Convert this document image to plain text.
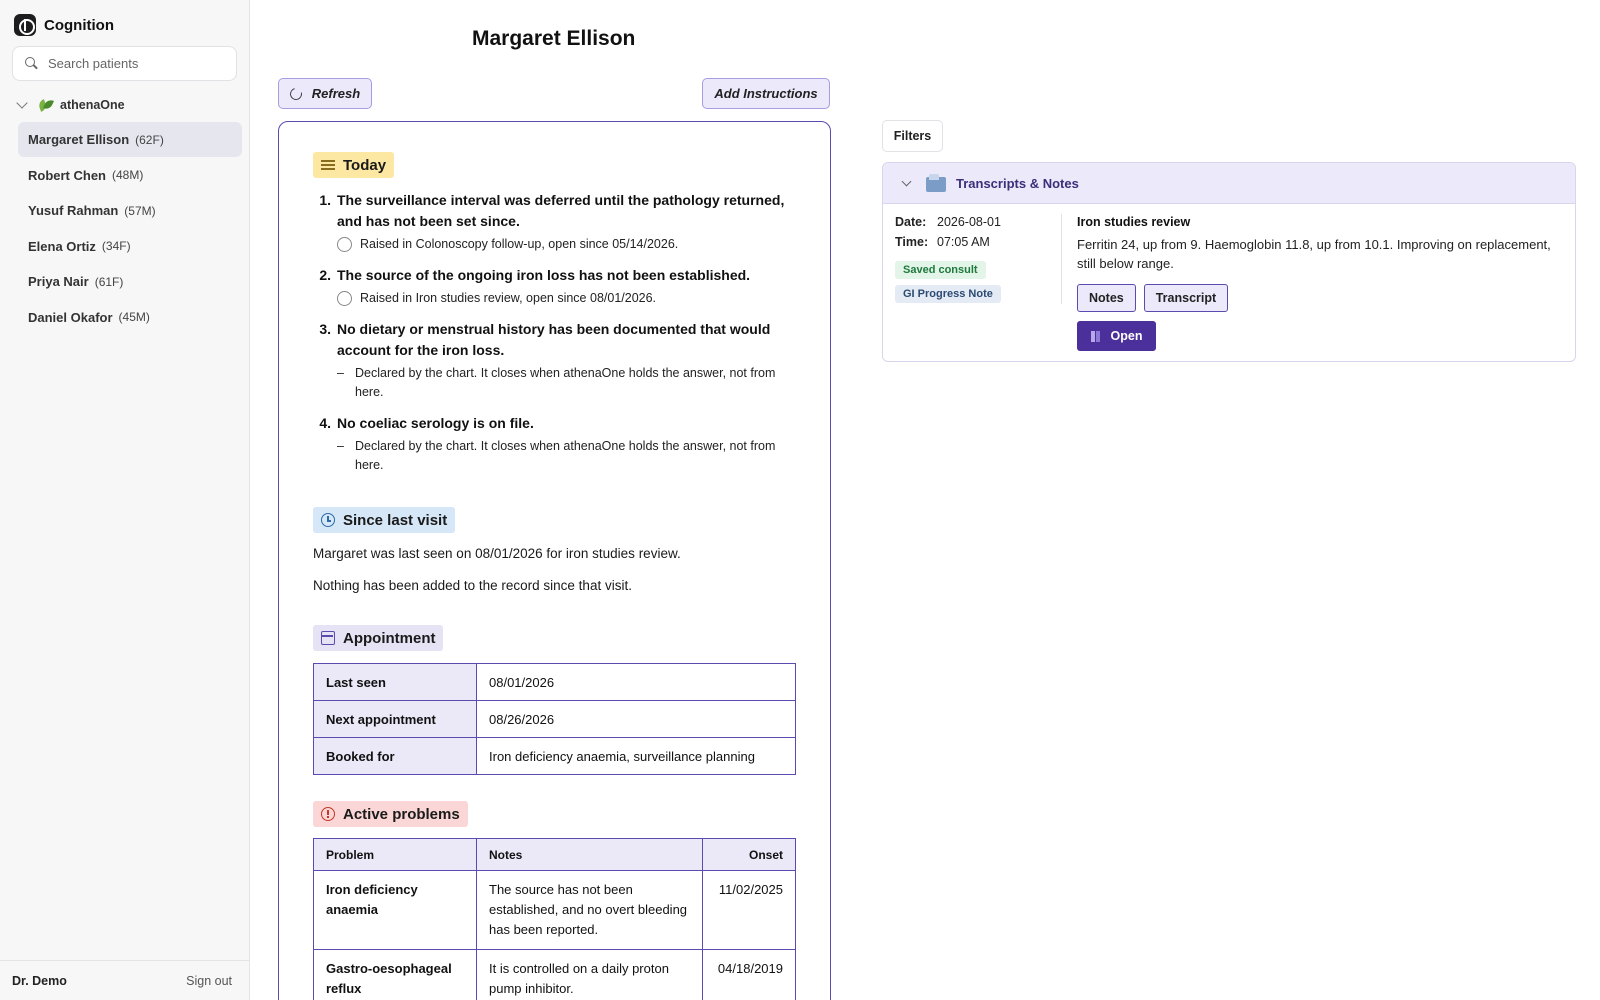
Cognition
Search patients
athenaOne
Margaret Ellison (62F)
Robert Chen (48M)
Yusuf Rahman (57M)
Elena Ortiz (34F)
Priya Nair (61F)
Daniel Okafor (45M)
Dr. Demo	Sign out
Margaret Ellison
Refresh	Add Instructions
Today
1. The surveillance interval was deferred until the pathology returned, and has not been set since.
Raised in Colonoscopy follow-up, open since 05/14/2026.
2. The source of the ongoing iron loss has not been established.
Raised in Iron studies review, open since 08/01/2026.
3. No dietary or menstrual history has been documented that would account for the iron loss.
– Declared by the chart. It closes when athenaOne holds the answer, not from here.
4. No coeliac serology is on file.
– Declared by the chart. It closes when athenaOne holds the answer, not from here.
Since last visit

Margaret was last seen on 08/01/2026 for iron studies review.

Nothing has been added to the record since that visit.

Appointment
Last seen	08/01/2026
Next appointment	08/26/2026
Booked for	Iron deficiency anaemia, surveillance planning
Active problems
Problem	Notes	Onset
Iron deficiency anaemia	The source has not been established, and no overt bleeding has been reported.	11/02/2025
Gastro-oesophageal reflux	It is controlled on a daily proton pump inhibitor.	04/18/2019
Filters
Transcripts & Notes
Date: 2026-08-01
Time: 07:05 AM
Saved consult
GI Progress Note
Iron studies review
Ferritin 24, up from 9. Haemoglobin 11.8, up from 10.1. Improving on replacement, still below range.
Notes	Transcript
Open
